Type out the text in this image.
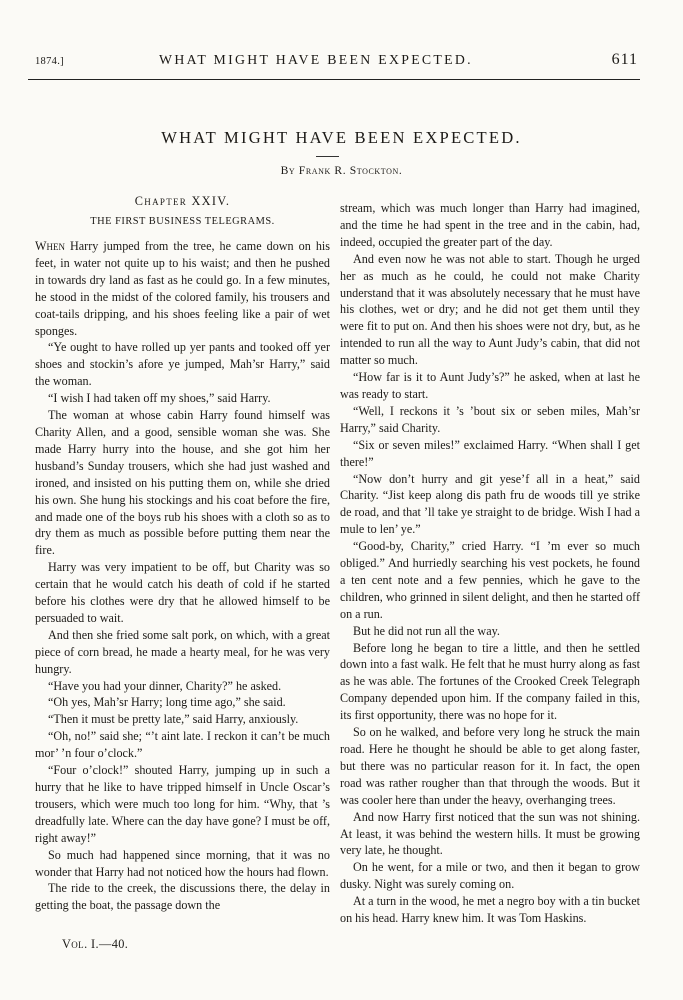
1874.]	WHAT MIGHT HAVE BEEN EXPECTED.	611
WHAT MIGHT HAVE BEEN EXPECTED.
By Frank R. Stockton.
Chapter XXIV.
THE FIRST BUSINESS TELEGRAMS.

When Harry jumped from the tree, he came down on his feet, in water not quite up to his waist; and then he pushed in towards dry land as fast as he could go. In a few minutes, he stood in the midst of the colored family, his trousers and coat-tails dripping, and his shoes feeling like a pair of wet sponges.

“Ye ought to have rolled up yer pants and tooked off yer shoes and stockin’s afore ye jumped, Mah’sr Harry,” said the woman.

“I wish I had taken off my shoes,” said Harry.

The woman at whose cabin Harry found himself was Charity Allen, and a good, sensible woman she was. She made Harry hurry into the house, and she got him her husband’s Sunday trousers, which she had just washed and ironed, and insisted on his putting them on, while she dried his own. She hung his stockings and his coat before the fire, and made one of the boys rub his shoes with a cloth so as to dry them as much as possible before putting them near the fire.

Harry was very impatient to be off, but Charity was so certain that he would catch his death of cold if he started before his clothes were dry that he allowed himself to be persuaded to wait.

And then she fried some salt pork, on which, with a great piece of corn bread, he made a hearty meal, for he was very hungry.

“Have you had your dinner, Charity?” he asked.

“Oh yes, Mah’sr Harry; long time ago,” she said.

“Then it must be pretty late,” said Harry, anxiously.

“Oh, no!” said she; “’t aint late. I reckon it can’t be much mor’ ’n four o’clock.”

“Four o’clock!” shouted Harry, jumping up in such a hurry that he like to have tripped himself in Uncle Oscar’s trousers, which were much too long for him. “Why, that ’s dreadfully late. Where can the day have gone? I must be off, right away!”

So much had happened since morning, that it was no wonder that Harry had not noticed how the hours had flown.

The ride to the creek, the discussions there, the delay in getting the boat, the passage down the

stream, which was much longer than Harry had imagined, and the time he had spent in the tree and in the cabin, had, indeed, occupied the greater part of the day.

And even now he was not able to start. Though he urged her as much as he could, he could not make Charity understand that it was absolutely necessary that he must have his clothes, wet or dry; and he did not get them until they were fit to put on. And then his shoes were not dry, but, as he intended to run all the way to Aunt Judy’s cabin, that did not matter so much.

“How far is it to Aunt Judy’s?” he asked, when at last he was ready to start.

“Well, I reckons it ’s ’bout six or seben miles, Mah’sr Harry,” said Charity.

“Six or seven miles!” exclaimed Harry. “When shall I get there!”

“Now don’t hurry and git yese’f all in a heat,” said Charity. “Jist keep along dis path fru de woods till ye strike de road, and that ’ll take ye straight to de bridge. Wish I had a mule to len’ ye.”

“Good-by, Charity,” cried Harry. “I ’m ever so much obliged.” And hurriedly searching his vest pockets, he found a ten cent note and a few pennies, which he gave to the children, who grinned in silent delight, and then he started off on a run.

But he did not run all the way.

Before long he began to tire a little, and then he settled down into a fast walk. He felt that he must hurry along as fast as he was able. The fortunes of the Crooked Creek Telegraph Company depended upon him. If the company failed in this, its first opportunity, there was no hope for it.

So on he walked, and before very long he struck the main road. Here he thought he should be able to get along faster, but there was no particular reason for it. In fact, the open road was rather rougher than that through the woods. But it was cooler here than under the heavy, overhanging trees.

And now Harry first noticed that the sun was not shining. At least, it was behind the western hills. It must be growing very late, he thought.

On he went, for a mile or two, and then it began to grow dusky. Night was surely coming on.

At a turn in the wood, he met a negro boy with a tin bucket on his head. Harry knew him. It was Tom Haskins.

Vol. I.—40.
